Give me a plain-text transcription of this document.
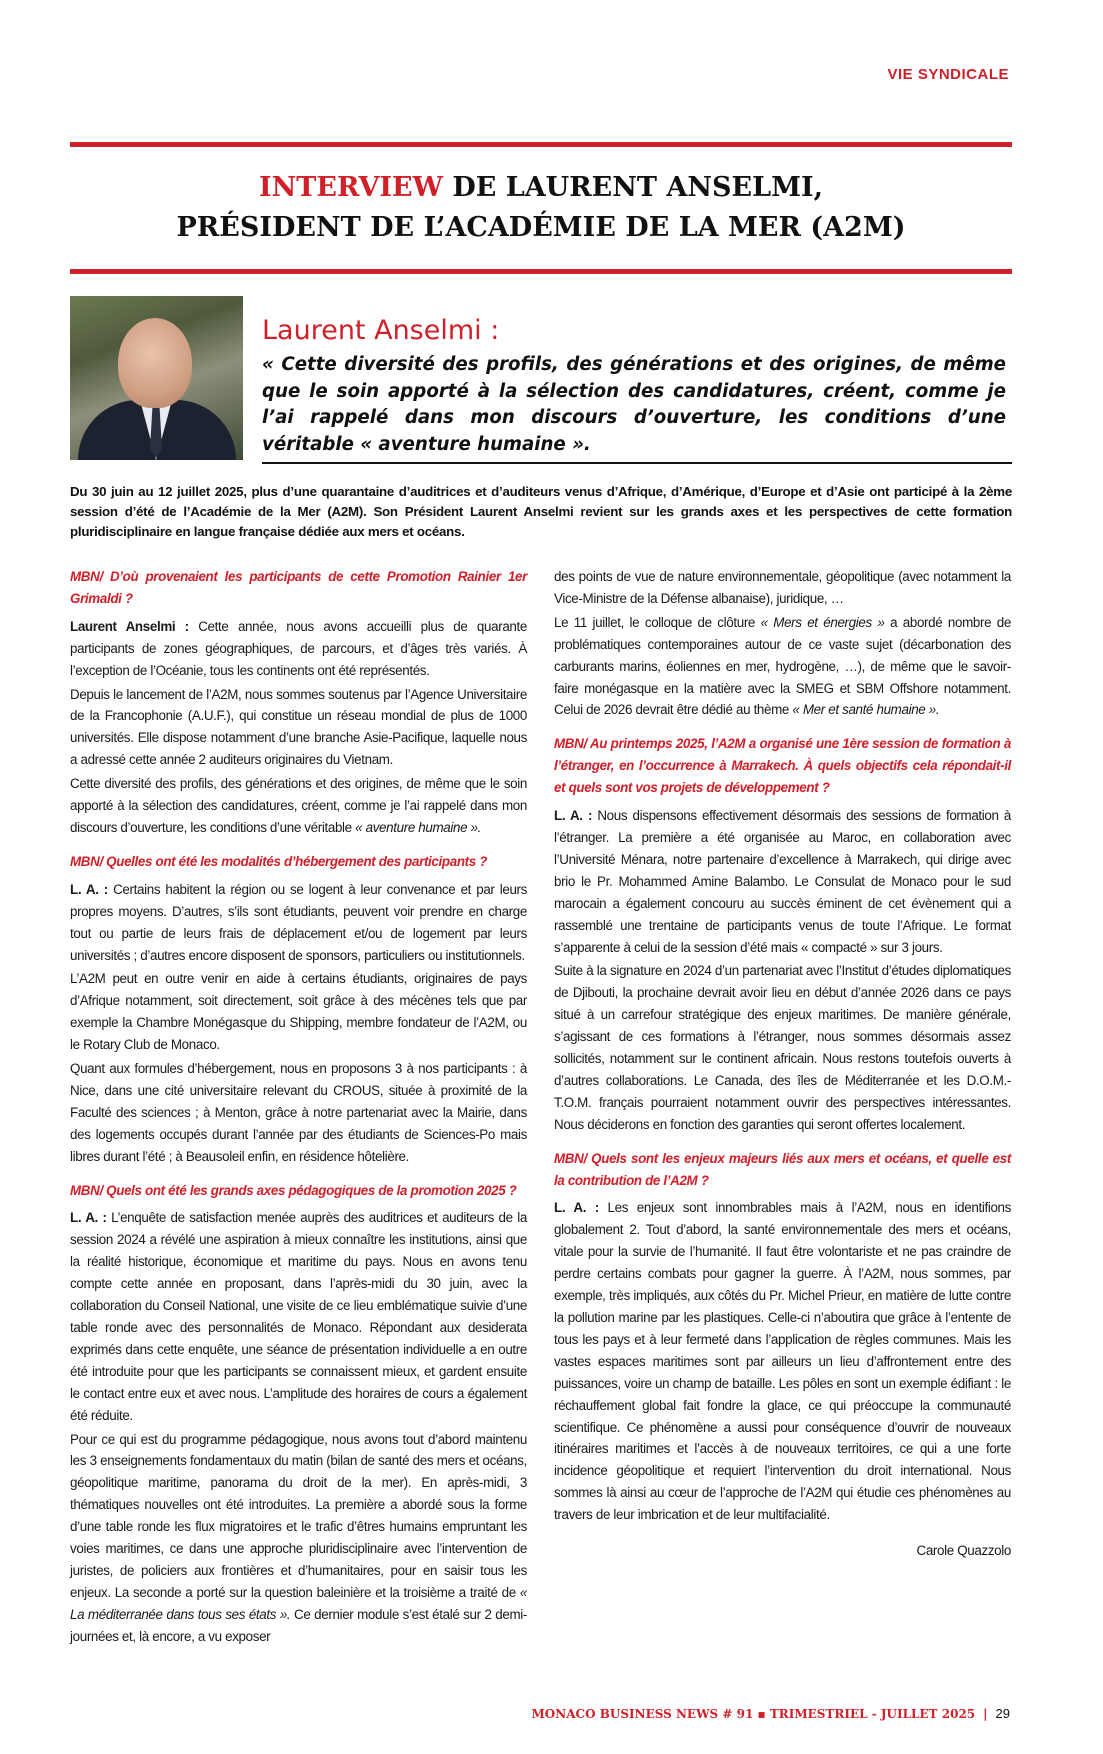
VIE SYNDICALE
INTERVIEW DE LAURENT ANSELMI,
PRÉSIDENT DE L’ACADÉMIE DE LA MER (A2M)
Laurent Anselmi :
« Cette diversité des profils, des générations et des origines, de même que le soin apporté à la sélection des candidatures, créent, comme je l’ai rappelé dans mon discours d’ouverture, les conditions d’une véritable « aventure humaine ».

Du 30 juin au 12 juillet 2025, plus d’une quarantaine d’auditrices et d’auditeurs venus d’Afrique, d’Amérique, d’Europe et d’Asie ont participé à la 2ème session d’été de l’Académie de la Mer (A2M). Son Président Laurent Anselmi revient sur les grands axes et les perspectives de cette formation pluridisciplinaire en langue française dédiée aux mers et océans.

MBN/ D’où provenaient les participants de cette Promotion Rainier 1er Grimaldi ?

Laurent Anselmi : Cette année, nous avons accueilli plus de quarante participants de zones géographiques, de parcours, et d’âges très variés. À l’exception de l’Océanie, tous les continents ont été représentés.

Depuis le lancement de l’A2M, nous sommes soutenus par l’Agence Universitaire de la Francophonie (A.U.F.), qui constitue un réseau mondial de plus de 1000 universités. Elle dispose notamment d’une branche Asie-Pacifique, laquelle nous a adressé cette année 2 auditeurs originaires du Vietnam.

Cette diversité des profils, des générations et des origines, de même que le soin apporté à la sélection des candidatures, créent, comme je l’ai rappelé dans mon discours d’ouverture, les conditions d’une véritable « aventure humaine ».

MBN/ Quelles ont été les modalités d’hébergement des participants ?

L. A. : Certains habitent la région ou se logent à leur convenance et par leurs propres moyens. D’autres, s’ils sont étudiants, peuvent voir prendre en charge tout ou partie de leurs frais de déplacement et/ou de logement par leurs universités ; d’autres encore disposent de sponsors, particuliers ou institutionnels.

L’A2M peut en outre venir en aide à certains étudiants, originaires de pays d’Afrique notamment, soit directement, soit grâce à des mécènes tels que par exemple la Chambre Monégasque du Shipping, membre fondateur de l’A2M, ou le Rotary Club de Monaco.

Quant aux formules d’hébergement, nous en proposons 3 à nos participants : à Nice, dans une cité universitaire relevant du CROUS, située à proximité de la Faculté des sciences ; à Menton, grâce à notre partenariat avec la Mairie, dans des logements occupés durant l’année par des étudiants de Sciences-Po mais libres durant l’été ; à Beausoleil enfin, en résidence hôtelière.

MBN/ Quels ont été les grands axes pédagogiques de la promotion 2025 ?

L. A. : L’enquête de satisfaction menée auprès des auditrices et auditeurs de la session 2024 a révélé une aspiration à mieux connaître les institutions, ainsi que la réalité historique, économique et maritime du pays. Nous en avons tenu compte cette année en proposant, dans l’après-midi du 30 juin, avec la collaboration du Conseil National, une visite de ce lieu emblématique suivie d’une table ronde avec des personnalités de Monaco. Répondant aux desiderata exprimés dans cette enquête, une séance de présentation individuelle a en outre été introduite pour que les participants se connaissent mieux, et gardent ensuite le contact entre eux et avec nous. L’amplitude des horaires de cours a également été réduite.

Pour ce qui est du programme pédagogique, nous avons tout d’abord maintenu les 3 enseignements fondamentaux du matin (bilan de santé des mers et océans, géopolitique maritime, panorama du droit de la mer). En après-midi, 3 thématiques nouvelles ont été introduites. La première a abordé sous la forme d’une table ronde les flux migratoires et le trafic d’êtres humains empruntant les voies maritimes, ce dans une approche pluridisciplinaire avec l’intervention de juristes, de policiers aux frontières et d’humanitaires, pour en saisir tous les enjeux. La seconde a porté sur la question baleinière et la troisième a traité de « La méditerranée dans tous ses états ». Ce dernier module s’est étalé sur 2 demi-journées et, là encore, a vu exposer

des points de vue de nature environnementale, géopolitique (avec notamment la Vice-Ministre de la Défense albanaise), juridique, …

Le 11 juillet, le colloque de clôture « Mers et énergies » a abordé nombre de problématiques contemporaines autour de ce vaste sujet (décarbonation des carburants marins, éoliennes en mer, hydrogène, …), de même que le savoir-faire monégasque en la matière avec la SMEG et SBM Offshore notamment. Celui de 2026 devrait être dédié au thème « Mer et santé humaine ».

MBN/ Au printemps 2025, l’A2M a organisé une 1ère session de formation à l’étranger, en l’occurrence à Marrakech. À quels objectifs cela répondait-il et quels sont vos projets de développement ?

L. A. : Nous dispensons effectivement désormais des sessions de formation à l’étranger. La première a été organisée au Maroc, en collaboration avec l’Université Ménara, notre partenaire d’excellence à Marrakech, qui dirige avec brio le Pr. Mohammed Amine Balambo. Le Consulat de Monaco pour le sud marocain a également concouru au succès éminent de cet évènement qui a rassemblé une trentaine de participants venus de toute l’Afrique. Le format s’apparente à celui de la session d’été mais « compacté » sur 3 jours.

Suite à la signature en 2024 d’un partenariat avec l’Institut d’études diplomatiques de Djibouti, la prochaine devrait avoir lieu en début d’année 2026 dans ce pays situé à un carrefour stratégique des enjeux maritimes. De manière générale, s’agissant de ces formations à l’étranger, nous sommes désormais assez sollicités, notamment sur le continent africain. Nous restons toutefois ouverts à d’autres collaborations. Le Canada, des îles de Méditerranée et les D.O.M.-T.O.M. français pourraient notamment ouvrir des perspectives intéressantes. Nous déciderons en fonction des garanties qui seront offertes localement.

MBN/ Quels sont les enjeux majeurs liés aux mers et océans, et quelle est la contribution de l’A2M ?

L. A. : Les enjeux sont innombrables mais à l’A2M, nous en identifions globalement 2. Tout d’abord, la santé environnementale des mers et océans, vitale pour la survie de l’humanité. Il faut être volontariste et ne pas craindre de perdre certains combats pour gagner la guerre. À l’A2M, nous sommes, par exemple, très impliqués, aux côtés du Pr. Michel Prieur, en matière de lutte contre la pollution marine par les plastiques. Celle-ci n’aboutira que grâce à l’entente de tous les pays et à leur fermeté dans l’application de règles communes. Mais les vastes espaces maritimes sont par ailleurs un lieu d’affrontement entre des puissances, voire un champ de bataille. Les pôles en sont un exemple édifiant : le réchauffement global fait fondre la glace, ce qui préoccupe la communauté scientifique. Ce phénomène a aussi pour conséquence d’ouvrir de nouveaux itinéraires maritimes et l’accès à de nouveaux territoires, ce qui a une forte incidence géopolitique et requiert l’intervention du droit international. Nous sommes là ainsi au cœur de l’approche de l’A2M qui étudie ces phénomènes au travers de leur imbrication et de leur multifacialité.

Carole Quazzolo

MONACO BUSINESS NEWS # 91 ▪ TRIMESTRIEL - JUILLET 2025 | 29
